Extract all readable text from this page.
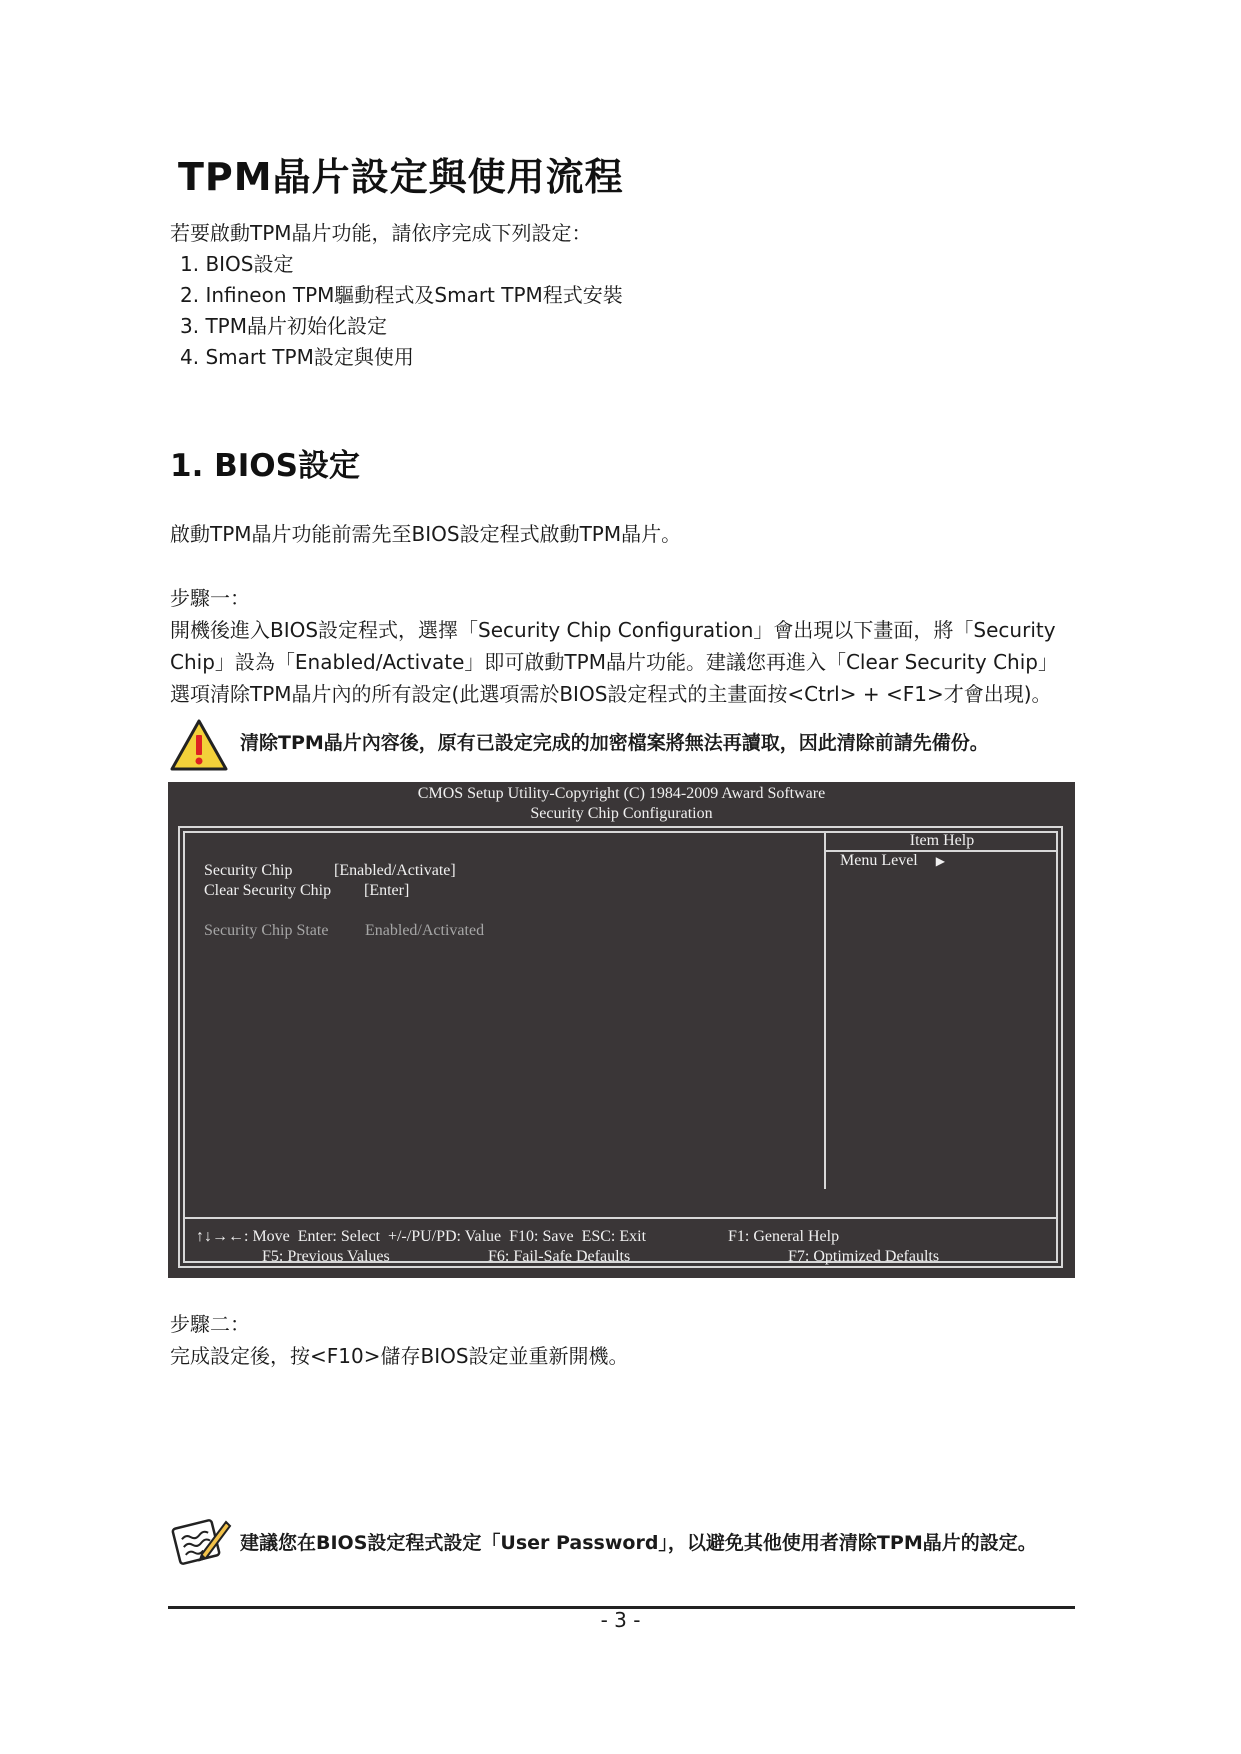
TPM晶片設定與使用流程
若要啟動TPM晶片功能，請依序完成下列設定：
1. BIOS設定
2. Infineon TPM驅動程式及Smart TPM程式安裝
3. TPM晶片初始化設定
4. Smart TPM設定與使用
1. BIOS設定
啟動TPM晶片功能前需先至BIOS設定程式啟動TPM晶片。
步驟一：
開機後進入BIOS設定程式，選擇「Security Chip Configuration」會出現以下畫面，將「Security Chip」設為「Enabled/Activate」即可啟動TPM晶片功能。建議您再進入「Clear Security Chip」選項清除TPM晶片內的所有設定(此選項需於BIOS設定程式的主畫面按<Ctrl> + <F1>才會出現)。
清除TPM晶片內容後，原有已設定完成的加密檔案將無法再讀取，因此清除前請先備份。
CMOS Setup Utility-Copyright (C) 1984-2009 Award Software
Security Chip Configuration
Item Help
Menu Level ▶
Security Chip	[Enabled/Activate]
Clear Security Chip [Enter]
Security Chip State Enabled/Activated
↑↓→←: Move  Enter: Select  +/-/PU/PD: Value  F10: Save  ESC: Exit	F1: General Help
F5: Previous Values	F6: Fail-Safe Defaults	F7: Optimized Defaults
步驟二：
完成設定後，按<F10>儲存BIOS設定並重新開機。
建議您在BIOS設定程式設定「User Password」，以避免其他使用者清除TPM晶片的設定。
- 3 -
